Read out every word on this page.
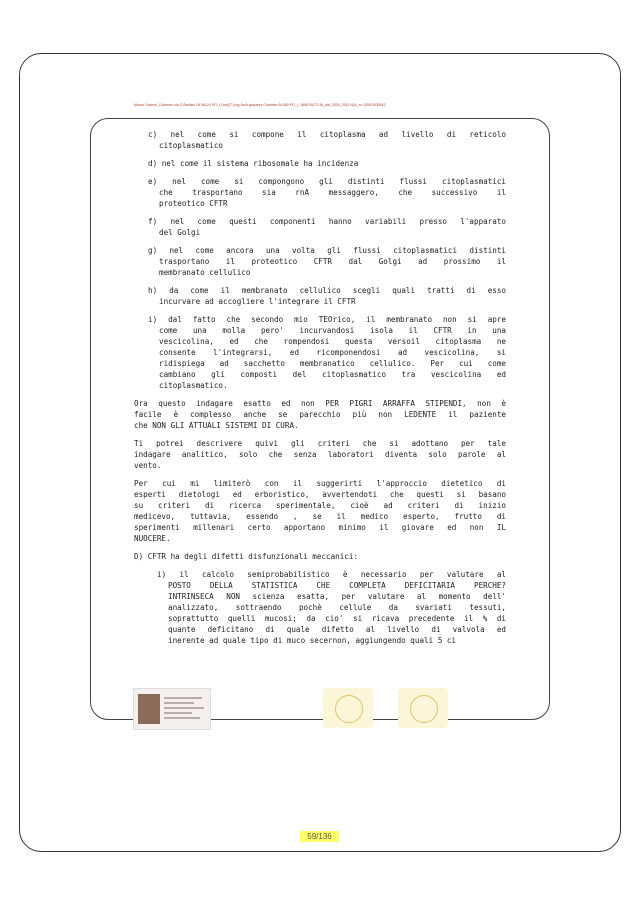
Mauro Gammi_Colombo via G.Brufani 18 06124 PG_I Dott(2°),Ing.Arch.giovanni Colombo A1050 PG_I_1895 05171 f5_dal_2003_2011 N/A_m: 02910100542
c) nel come si compone il citoplasma ad livello di reticolo
citoplasmatico
d) nel come il sistema ribosomale ha incidenza
e) nel come si compongono gli distinti flussi citoplasmatici
che trasportano sia rnA messaggero, che successivo il
proteotico CFTR
f) nel come questi componenti hanno variabili presso l'apparato
del Golgi
g) nel come ancora una volta gli flussi citoplasmatici distinti
trasportano il proteotico CFTR dal Golgi ad prossimo il
membranato cellulico
h) da come il membranato cellulico scegli quali tratti di esso
incurvare ad accogliere l'integrare il CFTR
i) dal fatto che secondo mio TEOrico, il membranato non si apre
come una molla pero' incurvandosi isola il CFTR in una
vescicolina, ed che rompendosi questa versoil citoplasma ne
consente l'integrarsi, ed ricomponendosi ad vescicolina, si
ridispiega ad sacchetto membranatico cellulico. Per cui come
cambiano gli composti del citoplasmatico tra vescicolina ed
citoplasmatico.
Ora questo indagare esatto ed non PER PIGRI ARRAFFA STIPENDI, non è
facile è complesso anche se parecchio più non LEDENTE il paziente
che NON GLI ATTUALI SISTEMI DI CURA.
Ti potrei descrivere quivi gli criteri che si adottano per tale
indagare analitico, solo che senza laboratori diventa solo parole al
vento.
Per cui mi limiterò con il suggerirti l'approccio dietetico di
esperti dietologi ed erboristico, avvertendoti che questi si basano
su criteri di ricerca sperimentale, cioè ad criteri di inizio
medicevo, tuttavia, essendo , se il medico esperto, frutto di
sperimenti millenari certo apportano minimo il giovare ed non IL
NUOCERE.
D) CFTR ha degli difetti disfunzionali meccanici:
i) il calcolo semiprobabilistico è necessario per valutare al
POSTO DELLA STATISTICA CHE COMPLETA DEFICITARIA PERCHE?
INTRINSECA NON scienza esatta, per valutare al momento dell'
analizzato, sottraendo pochè cellule da svariati tessuti,
soprattutto quelli mucosi; da cio' si ricava precedente il % di
quante deficitano di quale difetto al livello di valvola ed
inerente ad quale tipo di muco secernon, aggiungendo quali 5 ci
59/136
